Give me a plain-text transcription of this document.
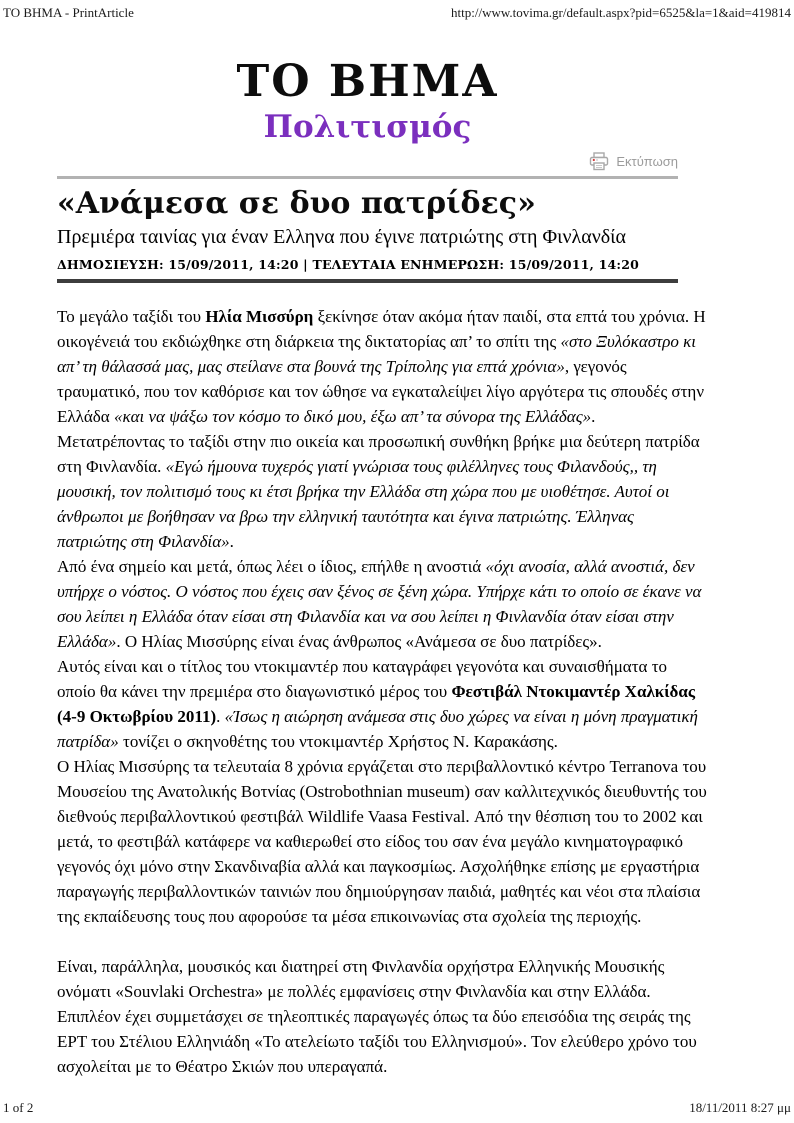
TO BHMA - PrintArticle	http://www.tovima.gr/default.aspx?pid=6525&la=1&aid=419814
TO BHMA
Πολιτισμός
Εκτύπωση
«Ανάμεσα σε δυο πατρίδες»
Πρεμιέρα ταινίας για έναν Ελληνα που έγινε πατριώτης στη Φινλανδία
ΔΗΜΟΣΙΕΥΣΗ: 15/09/2011, 14:20 | ΤΕΛΕΥΤΑΙΑ ΕΝΗΜΕΡΩΣΗ: 15/09/2011, 14:20

Το μεγάλο ταξίδι του Ηλία Μισσύρη ξεκίνησε όταν ακόμα ήταν παιδί, στα επτά του χρόνια. Η οικογένειά του εκδιώχθηκε στη διάρκεια της δικτατορίας απ’ το σπίτι της «στο Ξυλόκαστρο κι απ’ τη θάλασσά μας, μας στείλανε στα βουνά της Τρίπολης για επτά χρόνια», γεγονός τραυματικό, που τον καθόρισε και τον ώθησε να εγκαταλείψει λίγο αργότερα τις σπουδές στην Ελλάδα «και να ψάξω τον κόσμο το δικό μου, έξω απ’ τα σύνορα της Ελλάδας».

Μετατρέποντας το ταξίδι στην πιο οικεία και προσωπική συνθήκη βρήκε μια δεύτερη πατρίδα στη Φινλανδία. «Εγώ ήμουνα τυχερός γιατί γνώρισα τους φιλέλληνες τους Φιλανδούς,, τη μουσική, τον πολιτισμό τους κι έτσι βρήκα την Ελλάδα στη χώρα που με υιοθέτησε. Αυτοί οι άνθρωποι με βοήθησαν να βρω την ελληνική ταυτότητα και έγινα πατριώτης. Έλληνας πατριώτης στη Φιλανδία».

Από ένα σημείο και μετά, όπως λέει ο ίδιος, επήλθε η ανοστιά «όχι ανοσία, αλλά ανοστιά, δεν υπήρχε ο νόστος. Ο νόστος που έχεις σαν ξένος σε ξένη χώρα. Υπήρχε κάτι το οποίο σε έκανε να σου λείπει η Ελλάδα όταν είσαι στη Φιλανδία και να σου λείπει η Φινλανδία όταν είσαι στην Ελλάδα». Ο Ηλίας Μισσύρης είναι ένας άνθρωπος «Ανάμεσα σε δυο πατρίδες».

Αυτός είναι και ο τίτλος του ντοκιμαντέρ που καταγράφει γεγονότα και συναισθήματα το οποίο θα κάνει την πρεμιέρα στο διαγωνιστικό μέρος του Φεστιβάλ Ντοκιμαντέρ Χαλκίδας (4-9 Οκτωβρίου 2011). «Ίσως η αιώρηση ανάμεσα στις δυο χώρες να είναι η μόνη πραγματική πατρίδα» τονίζει ο σκηνοθέτης του ντοκιμαντέρ Χρήστος Ν. Καρακάσης.

Ο Ηλίας Μισσύρης τα τελευταία 8 χρόνια εργάζεται στο περιβαλλοντικό κέντρο Terranova του Μουσείου της Ανατολικής Βοτνίας (Ostrobothnian museum) σαν καλλιτεχνικός διευθυντής του διεθνούς περιβαλλοντικού φεστιβάλ Wildlife Vaasa Festival. Από την θέσπιση του το 2002 και μετά, το φεστιβάλ κατάφερε να καθιερωθεί στο είδος του σαν ένα μεγάλο κινηματογραφικό γεγονός όχι μόνο στην Σκανδιναβία αλλά και παγκοσμίως. Ασχολήθηκε επίσης με εργαστήρια παραγωγής περιβαλλοντικών ταινιών που δημιούργησαν παιδιά, μαθητές και νέοι στα πλαίσια της εκπαίδευσης τους που αφορούσε τα μέσα επικοινωνίας στα σχολεία της περιοχής.

Είναι, παράλληλα, μουσικός και διατηρεί στη Φινλανδία ορχήστρα Ελληνικής Μουσικής ονόματι «Souvlaki Orchestra» με πολλές εμφανίσεις στην Φινλανδία και στην Ελλάδα. Επιπλέον έχει συμμετάσχει σε τηλεοπτικές παραγωγές όπως τα δύο επεισόδια της σειράς της ΕΡΤ του Στέλιου Ελληνιάδη «Το ατελείωτο ταξίδι του Ελληνισμού». Τον ελεύθερο χρόνο του ασχολείται με το Θέατρο Σκιών που υπεραγαπά.

1 of 2	18/11/2011 8:27 μμ
